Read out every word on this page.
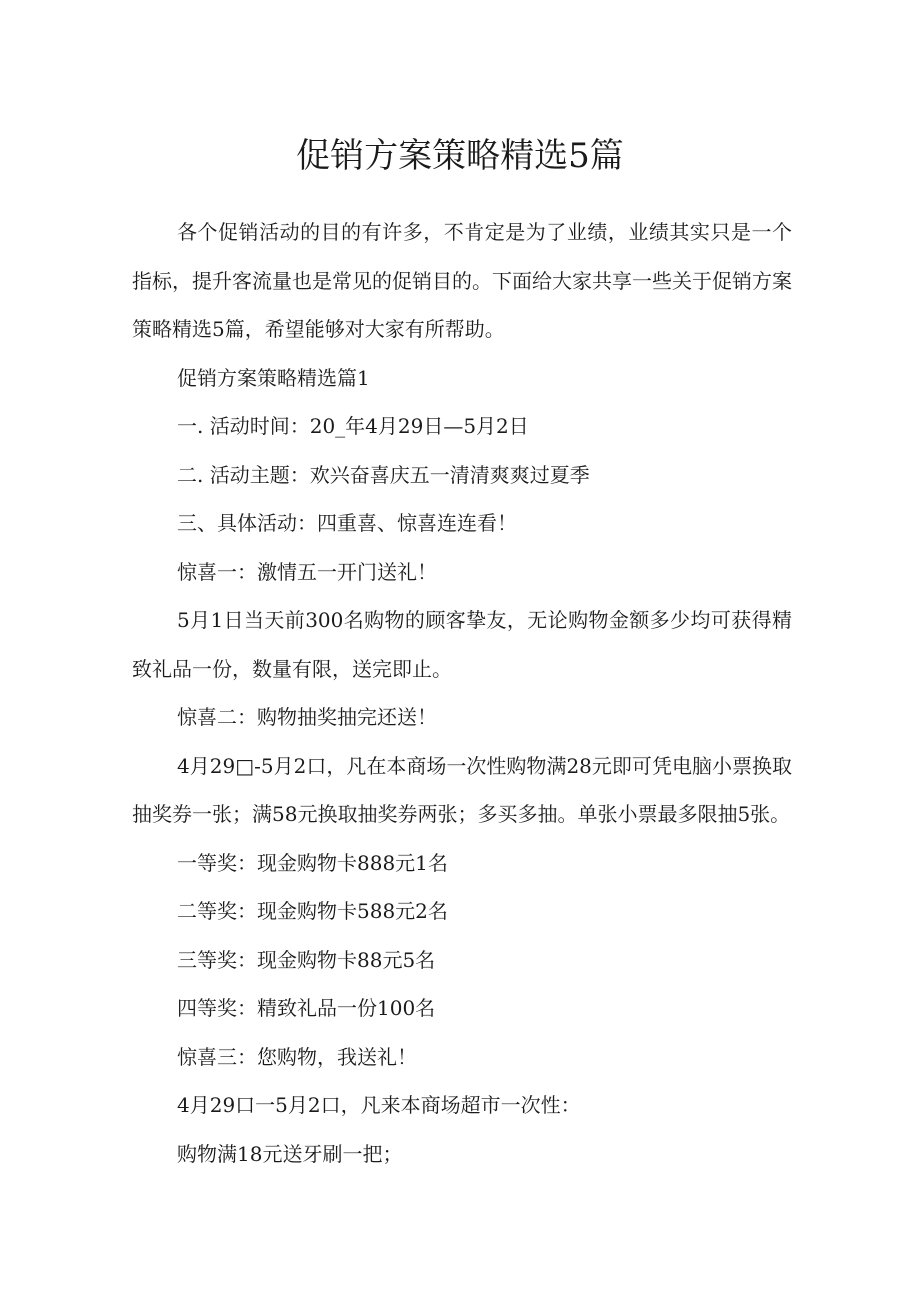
促销方案策略精选5篇

各个促销活动的目的有许多，不肯定是为了业绩，业绩其实只是一个指标，提升客流量也是常见的促销目的。下面给大家共享一些关于促销方案策略精选5篇，希望能够对大家有所帮助。

促销方案策略精选篇1

一. 活动时间：20_年4月29日—5月2日

二. 活动主题：欢兴奋喜庆五一清清爽爽过夏季

三、具体活动：四重喜、惊喜连连看！

惊喜一：激情五一开门送礼！

5月1日当天前300名购物的顾客挚友，无论购物金额多少均可获得精致礼品一份，数量有限，送完即止。

惊喜二：购物抽奖抽完还送！

4月29□-5月2口，凡在本商场一次性购物满28元即可凭电脑小票换取抽奖券一张；满58元换取抽奖券两张；多买多抽。单张小票最多限抽5张。

一等奖：现金购物卡888元1名

二等奖：现金购物卡588元2名

三等奖：现金购物卡88元5名

四等奖：精致礼品一份100名

惊喜三：您购物，我送礼！

4月29口一5月2口，凡来本商场超市一次性：

购物满18元送牙刷一把；
